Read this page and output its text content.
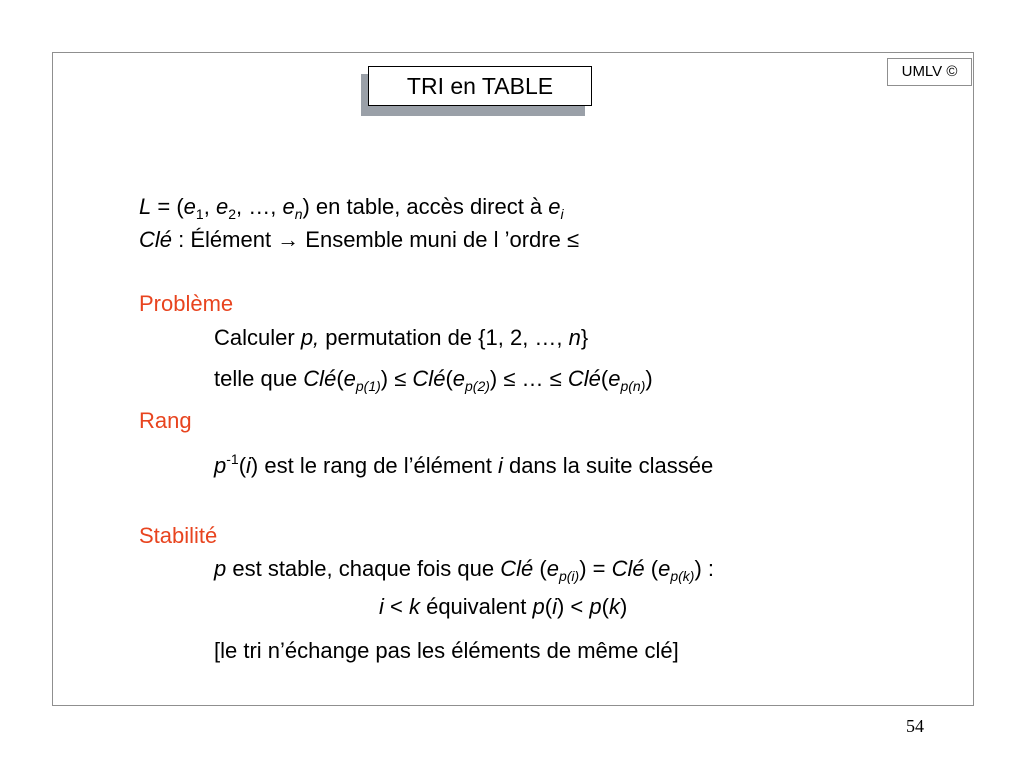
UMLV ©
TRI en TABLE
$L = (e_1$, $e_2$, …, $e_n$) en table, accès direct à $e_i$
Clé : Élément → Ensemble muni de l ’ordre ≤
Problème
Calculer p, permutation de {1, 2, …, n}
telle que $Clé(e_{p(1)})$ ≤ $Clé(e_{p(2)})$ ≤ … ≤ $Clé(e_{p(n)})$
Rang
$p^{-1}(i)$ est le rang de l’élément i dans la suite classée
Stabilité
p est stable, chaque fois que Clé $(e_{p(i)})$ = Clé $(e_{p(k)})$ :
i < k équivalent p(i) < p(k)
[le tri n’échange pas les éléments de même clé]
54
